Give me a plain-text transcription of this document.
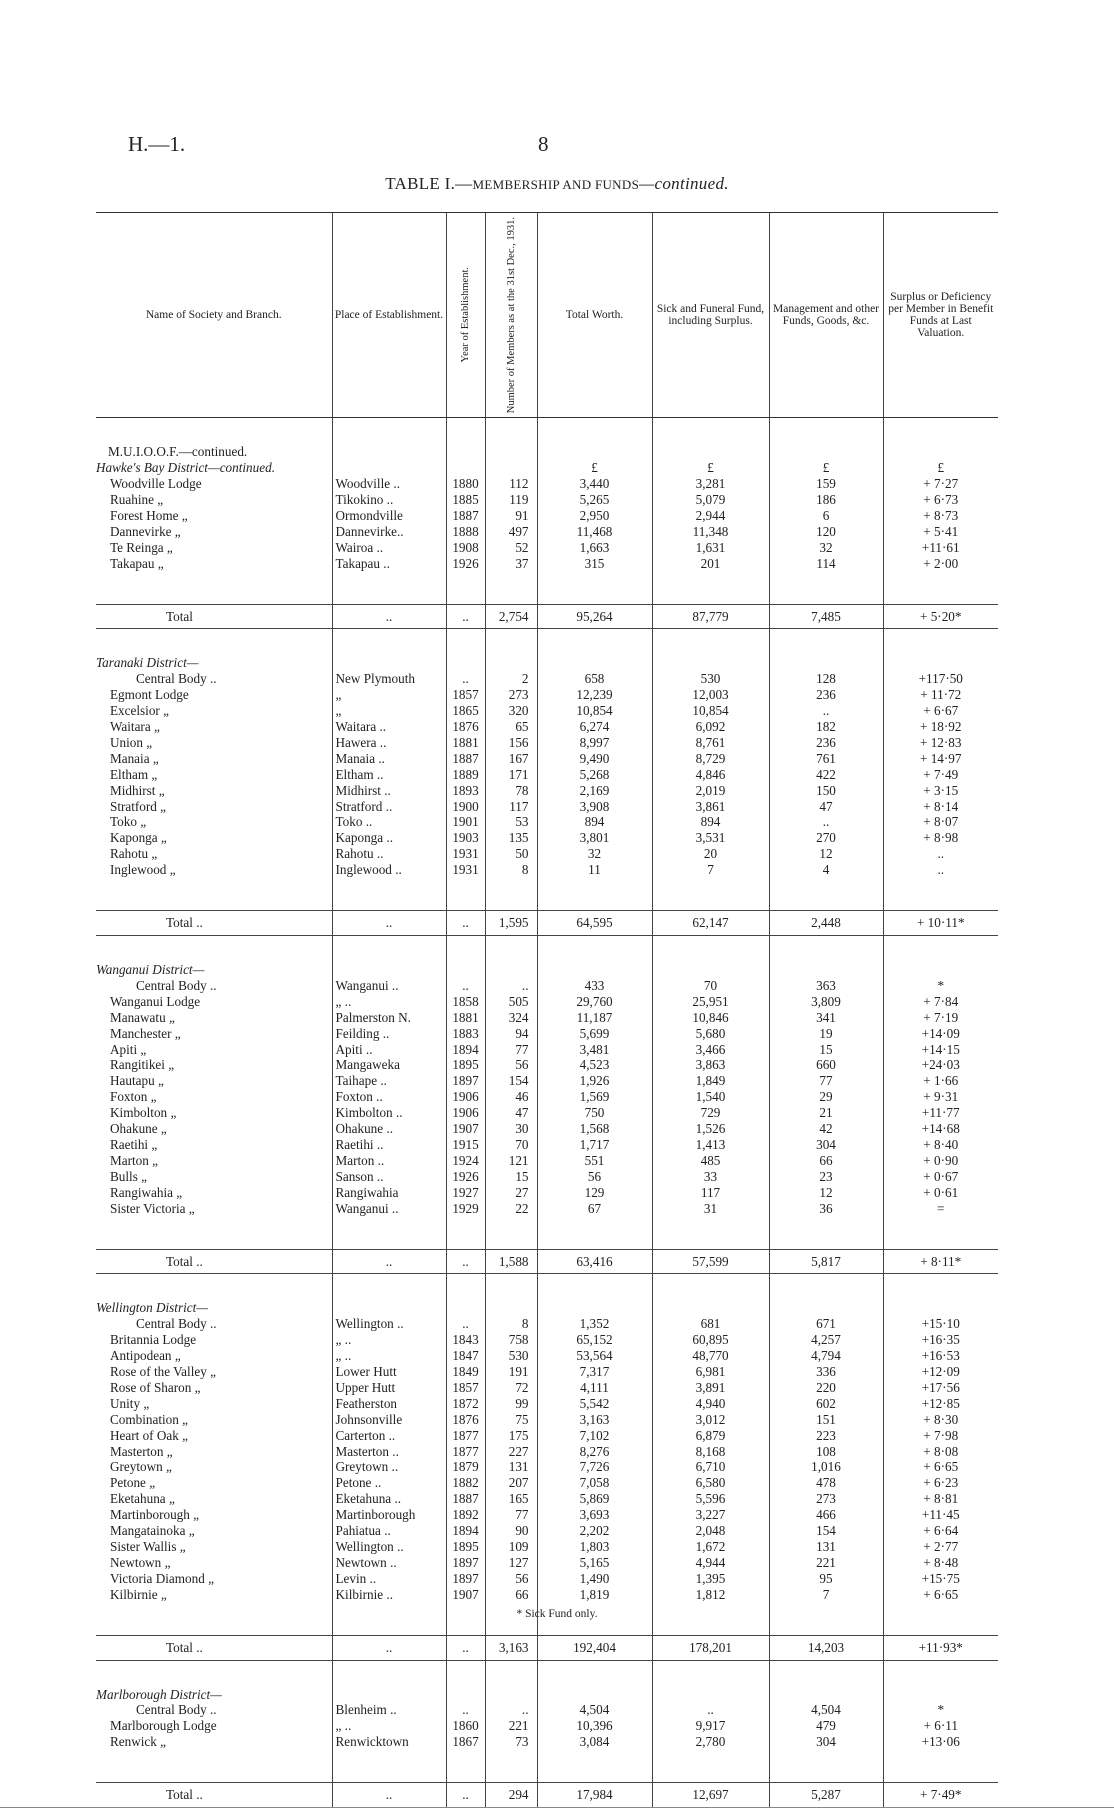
H.—1.	8
TABLE I.—MEMBERSHIP AND FUNDS—continued.
Name of Society and Branch.	Place of Establishment.	Year of Establishment.	Number of Members as at the 31st Dec., 1931.	Total Worth.	Sick and Funeral Fund, including Surplus.	Management and other Funds, Goods, &c.	Surplus or Deficiency per Member in Benefit Funds at Last Valuation.

M.U.I.O.O.F.—continued.
Hawke's Bay District—continued.				£	£	£	£
Woodville Lodge	Woodville ..	1880	112	3,440	3,281	159	+ 7·27
Ruahine „	Tikokino ..	1885	119	5,265	5,079	186	+ 6·73
Forest Home „	Ormondville	1887	91	2,950	2,944	6	+ 8·73
Dannevirke „	Dannevirke..	1888	497	11,468	11,348	120	+ 5·41
Te Reinga „	Wairoa ..	1908	52	1,663	1,631	32	+11·61
Takapau „	Takapau ..	1926	37	315	201	114	+ 2·00

Total	..	..	2,754	95,264	87,779	7,485	+ 5·20*

Taranaki District—							

Central Body ..	New Plymouth	..	2	658	530	128	+117·50
Egmont Lodge	„	1857	273	12,239	12,003	236	+ 11·72
Excelsior „	„	1865	320	10,854	10,854	..	+ 6·67
Waitara „	Waitara ..	1876	65	6,274	6,092	182	+ 18·92
Union „	Hawera ..	1881	156	8,997	8,761	236	+ 12·83
Manaia „	Manaia ..	1887	167	9,490	8,729	761	+ 14·97
Eltham „	Eltham ..	1889	171	5,268	4,846	422	+ 7·49
Midhirst „	Midhirst ..	1893	78	2,169	2,019	150	+ 3·15
Stratford „	Stratford ..	1900	117	3,908	3,861	47	+ 8·14
Toko „	Toko ..	1901	53	894	894	..	+ 8·07
Kaponga „	Kaponga ..	1903	135	3,801	3,531	270	+ 8·98
Rahotu „	Rahotu ..	1931	50	32	20	12	..
Inglewood „	Inglewood ..	1931	8	11	7	4	..

Total ..	..	..	1,595	64,595	62,147	2,448	+ 10·11*

Wanganui District—							

Central Body ..	Wanganui ..	..	..	433	70	363	*
Wanganui Lodge	„ ..	1858	505	29,760	25,951	3,809	+ 7·84
Manawatu „	Palmerston N.	1881	324	11,187	10,846	341	+ 7·19
Manchester „	Feilding ..	1883	94	5,699	5,680	19	+14·09
Apiti „	Apiti ..	1894	77	3,481	3,466	15	+14·15
Rangitikei „	Mangaweka	1895	56	4,523	3,863	660	+24·03
Hautapu „	Taihape ..	1897	154	1,926	1,849	77	+ 1·66
Foxton „	Foxton ..	1906	46	1,569	1,540	29	+ 9·31
Kimbolton „	Kimbolton ..	1906	47	750	729	21	+11·77
Ohakune „	Ohakune ..	1907	30	1,568	1,526	42	+14·68
Raetihi „	Raetihi ..	1915	70	1,717	1,413	304	+ 8·40
Marton „	Marton ..	1924	121	551	485	66	+ 0·90
Bulls „	Sanson ..	1926	15	56	33	23	+ 0·67
Rangiwahia „	Rangiwahia	1927	27	129	117	12	+ 0·61
Sister Victoria „	Wanganui ..	1929	22	67	31	36	=

Total ..	..	..	1,588	63,416	57,599	5,817	+ 8·11*

Wellington District—							

Central Body ..	Wellington ..	..	8	1,352	681	671	+15·10
Britannia Lodge	„ ..	1843	758	65,152	60,895	4,257	+16·35
Antipodean „	„ ..	1847	530	53,564	48,770	4,794	+16·53
Rose of the Valley „	Lower Hutt	1849	191	7,317	6,981	336	+12·09
Rose of Sharon „	Upper Hutt	1857	72	4,111	3,891	220	+17·56
Unity „	Featherston	1872	99	5,542	4,940	602	+12·85
Combination „	Johnsonville	1876	75	3,163	3,012	151	+ 8·30
Heart of Oak „	Carterton ..	1877	175	7,102	6,879	223	+ 7·98
Masterton „	Masterton ..	1877	227	8,276	8,168	108	+ 8·08
Greytown „	Greytown ..	1879	131	7,726	6,710	1,016	+ 6·65
Petone „	Petone ..	1882	207	7,058	6,580	478	+ 6·23
Eketahuna „	Eketahuna ..	1887	165	5,869	5,596	273	+ 8·81
Martinborough „	Martinborough	1892	77	3,693	3,227	466	+11·45
Mangatainoka „	Pahiatua ..	1894	90	2,202	2,048	154	+ 6·64
Sister Wallis „	Wellington ..	1895	109	1,803	1,672	131	+ 2·77
Newtown „	Newtown ..	1897	127	5,165	4,944	221	+ 8·48
Victoria Diamond „	Levin ..	1897	56	1,490	1,395	95	+15·75
Kilbirnie „	Kilbirnie ..	1907	66	1,819	1,812	7	+ 6·65

Total ..	..	..	3,163	192,404	178,201	14,203	+11·93*

Marlborough District—							

Central Body ..	Blenheim ..	..	..	4,504	..	4,504	*
Marlborough Lodge	„ ..	1860	221	10,396	9,917	479	+ 6·11
Renwick „	Renwicktown	1867	73	3,084	2,780	304	+13·06

Total ..	..	..	294	17,984	12,697	5,287	+ 7·49*
* Sick Fund only.
